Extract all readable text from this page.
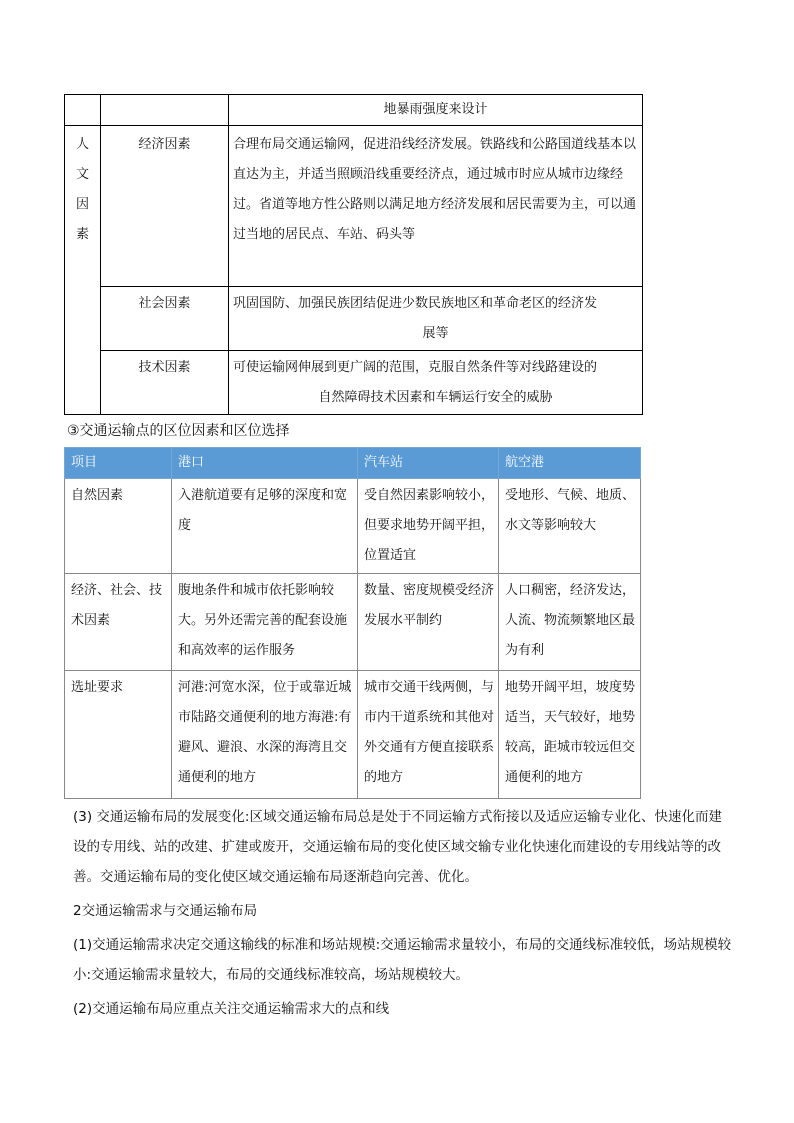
		地暴雨强度来设计

人
文
因
素	经济因素	合理布局交通运输网，促进沿线经济发展。铁路线和公路国道线基本以直达为主，并适当照顾沿线重要经济点，通过城市时应从城市边缘经过。省道等地方性公路则以满足地方经济发展和居民需要为主，可以通过当地的居民点、车站、码头等
	社会因素	巩固国防、加强民族团结促进少数民族地区和革命老区的经济发
展等

	技术因素	可使运输网伸展到更广阔的范围，克服自然条件等对线路建设的
自然障碍技术因素和车辆运行安全的威胁
③交通运输点的区位因素和区位选择
项目	港口	汽车站	航空港

自然因素	入港航道要有足够的深度和宽度	受自然因素影响较小，但要求地势开阔平担，位置适宜	受地形、气候、地质、水文等影响较大

经济、社会、技术因素	腹地条件和城市依托影响较大。另外还需完善的配套设施和高效率的运作服务	数量、密度规模受经济发展水平制约	人口稠密，经济发达，人流、物流频繁地区最为有利

选址要求	河港:河宽水深，位于或靠近城市陆路交通便利的地方海港:有避风、避浪、水深的海湾且交通便利的地方	城市交通干线两侧，与市内干道系统和其他对外交通有方便直接联系的地方	地势开阔平坦，坡度势适当，天气较好，地势较高，距城市较远但交通便利的地方
(3) 交通运输布局的发展变化:区域交通运输布局总是处于不同运输方式衔接以及适应运输专业化、快速化而建设的专用线、站的改建、扩建或废开，交通运输布局的变化使区域交输专业化快速化而建设的专用线站等的改善。交通运输布局的变化使区域交通运输布局逐渐趋向完善、优化。
2交通运输需求与交通运输布局
(1)交通运输需求决定交通这输线的标准和场站规模:交通运输需求量较小，布局的交通线标准较低，场站规模较小:交通运输需求量较大，布局的交通线标准较高，场站规模较大。
(2)交通运输布局应重点关注交通运输需求大的点和线
